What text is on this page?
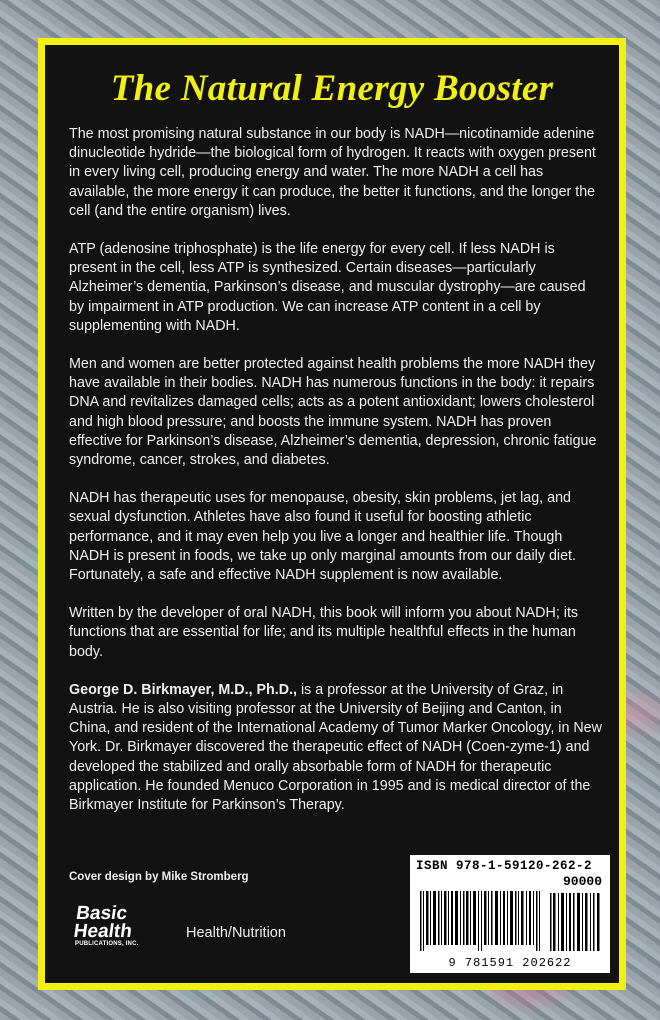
The Natural Energy Booster

The most promising natural substance in our body is NADH—nicotinamide adenine dinucleotide hydride—the biological form of hydrogen. It reacts with oxygen present in every living cell, producing energy and water. The more NADH a cell has available, the more energy it can produce, the better it functions, and the longer the cell (and the entire organism) lives.

ATP (adenosine triphosphate) is the life energy for every cell. If less NADH is present in the cell, less ATP is synthesized. Certain diseases—particularly Alzheimer’s dementia, Parkinson’s disease, and muscular dystrophy—are caused by impairment in ATP production. We can increase ATP content in a cell by supplementing with NADH.

Men and women are better protected against health problems the more NADH they have available in their bodies. NADH has numerous functions in the body: it repairs DNA and revitalizes damaged cells; acts as a potent antioxidant; lowers cholesterol and high blood pressure; and boosts the immune system. NADH has proven effective for Parkinson’s disease, Alzheimer’s dementia, depression, chronic fatigue syndrome, cancer, strokes, and diabetes.

NADH has therapeutic uses for menopause, obesity, skin problems, jet lag, and sexual dysfunction. Athletes have also found it useful for boosting athletic performance, and it may even help you live a longer and healthier life. Though NADH is present in foods, we take up only marginal amounts from our daily diet. Fortunately, a safe and effective NADH supplement is now available.

Written by the developer of oral NADH, this book will inform you about NADH; its functions that are essential for life; and its multiple healthful effects in the human body.

George D. Birkmayer, M.D., Ph.D., is a professor at the University of Graz, in Austria. He is also visiting professor at the University of Beijing and Canton, in China, and resident of the International Academy of Tumor Marker Oncology, in New York. Dr. Birkmayer discovered the therapeutic effect of NADH (Coen-zyme-1) and developed the stabilized and orally absorbable form of NADH for therapeutic application. He founded Menuco Corporation in 1995 and is medical director of the Birkmayer Institute for Parkinson’s Therapy.

Cover design by Mike Stromberg
Basic Health
PUBLICATIONS, INC.
Health/Nutrition
ISBN 978-1-59120-262-2
90000
9 781591 202622
